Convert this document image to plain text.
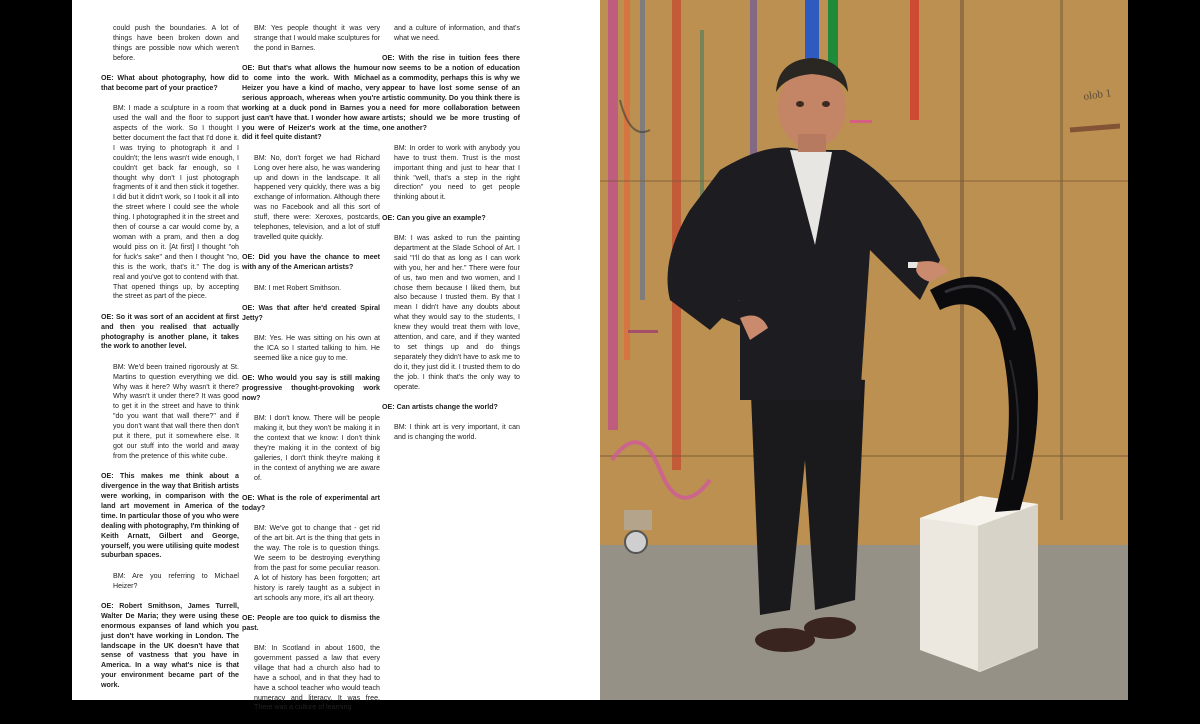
could push the boundaries. A lot of things have been broken down and things are possible now which weren't before.

OE: What about photography, how did that become part of your practice?

BM: I made a sculpture in a room that used the wall and the floor to support aspects of the work. So I thought I better document the fact that I'd done it. I was trying to photograph it and I couldn't; the lens wasn't wide enough, I couldn't get back far enough, so I thought why don't I just photograph fragments of it and then stick it together. I did but it didn't work, so I took it all into the street where I could see the whole thing. I photographed it in the street and then of course a car would come by, a woman with a pram, and then a dog would piss on it. [At first] I thought "oh for fuck's sake" and then I thought "no, this is the work, that's it." The dog is real and you've got to contend with that. That opened things up, by accepting the street as part of the piece.

OE: So it was sort of an accident at first and then you realised that actually photography is another plane, it takes the work to another level.

BM: We'd been trained rigorously at St. Martins to question everything we did. Why was it here? Why wasn't it there? Why wasn't it under there? It was good to get it in the street and have to think "do you want that wall there?" and if you don't want that wall there then don't put it there, put it somewhere else. It got our stuff into the world and away from the pretence of this white cube.

OE: This makes me think about a divergence in the way that British artists were working, in comparison with the land art movement in America of the time. In particular those of you who were dealing with photography, I'm thinking of Keith Arnatt, Gilbert and George, yourself, you were utilising quite modest suburban spaces.

BM: Are you referring to Michael Heizer?

OE: Robert Smithson, James Turrell, Walter De Maria; they were using these enormous expanses of land which you just don't have working in London. The landscape in the UK doesn't have that sense of vastness that you have in America. In a way what's nice is that your environment became part of the work.

BM: Yes people thought it was very strange that I would make sculptures for the pond in Barnes.

OE: But that's what allows the humour to come into the work. With Michael Heizer you have a kind of macho, very serious approach, whereas when you're working at a duck pond in Barnes you just can't have that. I wonder how aware you were of Heizer's work at the time, did it feel quite distant?

BM: No, don't forget we had Richard Long over here also, he was wandering up and down in the landscape. It all happened very quickly, there was a big exchange of information. Although there was no Facebook and all this sort of stuff, there were: Xeroxes, postcards, telephones, television, and a lot of stuff travelled quite quickly.

OE: Did you have the chance to meet with any of the American artists?

BM: I met Robert Smithson.

OE: Was that after he'd created Spiral Jetty?

BM: Yes. He was sitting on his own at the ICA so I started talking to him. He seemed like a nice guy to me.

OE: Who would you say is still making progressive thought-provoking work now?

BM: I don't know. There will be people making it, but they won't be making it in the context that we know: I don't think they're making it in the context of big galleries, I don't think they're making it in the context of anything we are aware of.

OE: What is the role of experimental art today?

BM: We've got to change that - get rid of the art bit. Art is the thing that gets in the way. The role is to question things. We seem to be destroying everything from the past for some peculiar reason. A lot of history has been forgotten; art history is rarely taught as a subject in art schools any more, it's all art theory.

OE: People are too quick to dismiss the past.

BM: In Scotland in about 1600, the government passed a law that every village that had a church also had to have a school, and in that they had to have a school teacher who would teach numeracy and literacy. It was free. There was a culture of learning

and a culture of information, and that's what we need.

OE: With the rise in tuition fees there now seems to be a notion of education as a commodity, perhaps this is why we appear to have lost some sense of an artistic community. Do you think there is a need for more collaboration between artists; should we be more trusting of one another?

BM: In order to work with anybody you have to trust them. Trust is the most important thing and just to hear that I think "well, that's a step in the right direction" you need to get people thinking about it.

OE: Can you give an example?

BM: I was asked to run the painting department at the Slade School of Art. I said "I'll do that as long as I can work with you, her and her." There were four of us, two men and two women, and I chose them because I liked them, but also because I trusted them. By that I mean I didn't have any doubts about what they would say to the students, I knew they would treat them with love, attention, and care, and if they wanted to set things up and do things separately they didn't have to ask me to do it, they just did it. I trusted them to do the job. I think that's the only way to operate.

OE: Can artists change the world?

BM: I think art is very important, it can and is changing the world.

olob 1
